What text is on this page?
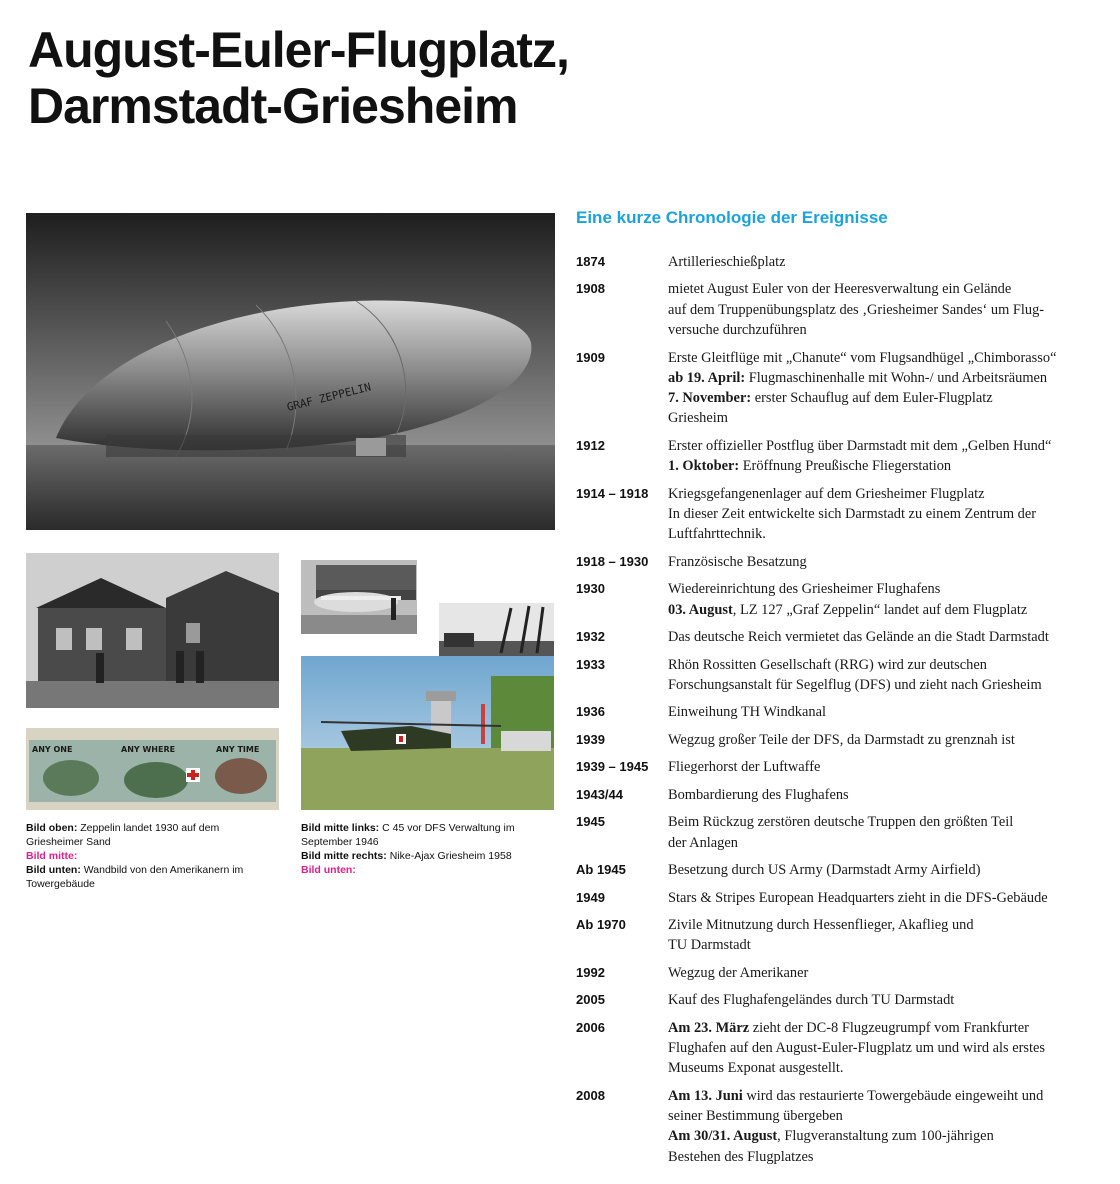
August-Euler-Flugplatz,
Darmstadt-Griesheim
GRAF ZEPPELIN
ANY ONE	ANY WHERE	ANY TIME
Bild oben: Zeppelin landet 1930 auf dem
Griesheimer Sand
Bild mitte:
Bild unten: Wandbild von den Amerikanern im
Towergebäude
Bild mitte links: C 45 vor DFS Verwaltung im
September 1946
Bild mitte rechts: Nike-Ajax Griesheim 1958
Bild unten:
Eine kurze Chronologie der Ereignisse
1874	Artillerieschießplatz
1908	mietet August Euler von der Heeresverwaltung ein Gelände
auf dem Truppenübungsplatz des ‚Griesheimer Sandes‘ um Flug-
versuche durchzuführen
1909	Erste Gleitflüge mit „Chanute“ vom Flugsandhügel „Chimborasso“
ab 19. April: Flugmaschinenhalle mit Wohn-/ und Arbeitsräumen
7. November: erster Schauflug auf dem Euler-Flugplatz
Griesheim
1912	Erster offizieller Postflug über Darmstadt mit dem „Gelben Hund“
1. Oktober: Eröffnung Preußische Fliegerstation
1914 – 1918	Kriegsgefangenenlager auf dem Griesheimer Flugplatz
In dieser Zeit entwickelte sich Darmstadt zu einem Zentrum der
Luftfahrttechnik.
1918 – 1930	Französische Besatzung
1930	Wiedereinrichtung des Griesheimer Flughafens
03. August, LZ 127 „Graf Zeppelin“ landet auf dem Flugplatz
1932	Das deutsche Reich vermietet das Gelände an die Stadt Darmstadt
1933	Rhön Rossitten Gesellschaft (RRG) wird zur deutschen
Forschungsanstalt für Segelflug (DFS) und zieht nach Griesheim
1936	Einweihung TH Windkanal
1939	Wegzug großer Teile der DFS, da Darmstadt zu grenznah ist
1939 – 1945	Fliegerhorst der Luftwaffe
1943/44	Bombardierung des Flughafens
1945	Beim Rückzug zerstören deutsche Truppen den größten Teil
der Anlagen
Ab 1945	Besetzung durch US Army (Darmstadt Army Airfield)
1949	Stars & Stripes European Headquarters zieht in die DFS-Gebäude
Ab 1970	Zivile Mitnutzung durch Hessenflieger, Akaflieg und
TU Darmstadt
1992	Wegzug der Amerikaner
2005	Kauf des Flughafengeländes durch TU Darmstadt
2006	Am 23. März zieht der DC-8 Flugzeugrumpf vom Frankfurter
Flughafen auf den August-Euler-Flugplatz um und wird als erstes
Museums Exponat ausgestellt.
2008	Am 13. Juni wird das restaurierte Towergebäude eingeweiht und
seiner Bestimmung übergeben
Am 30/31. August, Flugveranstaltung zum 100-jährigen
Bestehen des Flugplatzes
